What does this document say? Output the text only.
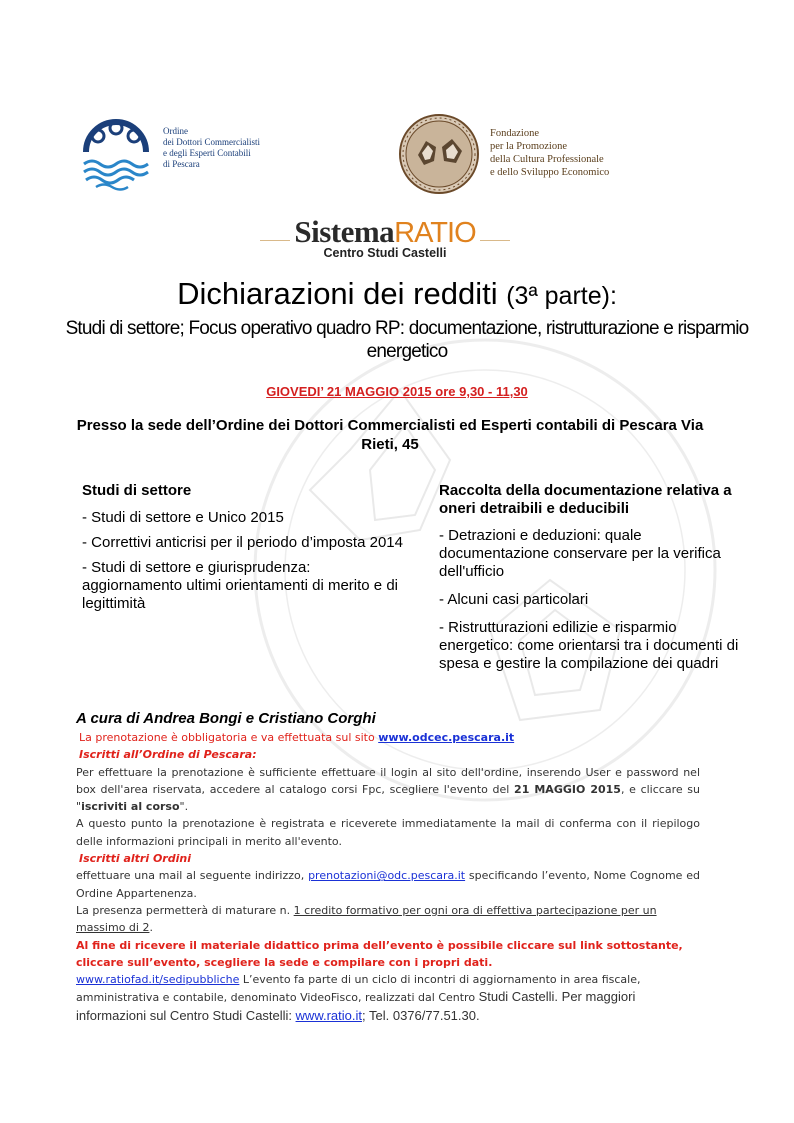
Ordine
dei Dottori Commercialisti
e degli Esperti Contabili
di Pescara
Fondazione
per la Promozione
della Cultura Professionale
e dello Sviluppo Economico
SistemaRATIO
Centro Studi Castelli
Dichiarazioni dei redditi (3ª parte):
Studi di settore; Focus operativo quadro RP: documentazione, ristrutturazione e risparmio energetico
GIOVEDI’ 21 MAGGIO 2015 ore 9,30 - 11,30
Presso la sede dell’Ordine dei Dottori Commercialisti ed Esperti contabili di Pescara Via Rieti, 45
Studi di settore
- Studi di settore e Unico 2015
- Correttivi anticrisi per il periodo d’imposta 2014
- Studi di settore e giurisprudenza: aggiornamento ultimi orientamenti di merito e di legittimità
Raccolta della documentazione relativa a oneri detraibili e deducibili
- Detrazioni e deduzioni: quale documentazione conservare per la verifica dell'ufficio
- Alcuni casi particolari
- Ristrutturazioni edilizie e risparmio energetico: come orientarsi tra i documenti di spesa e gestire la compilazione dei quadri
A cura di Andrea Bongi e Cristiano Corghi

La prenotazione è obbligatoria e va effettuata sul sito www.odcec.pescara.it

Iscritti all’Ordine di Pescara:

Per effettuare la prenotazione è sufficiente effettuare il login al sito dell'ordine, inserendo User e password nel box dell'area riservata, accedere al catalogo corsi Fpc, scegliere l'evento del 21 MAGGIO 2015, e cliccare su "iscriviti al corso".

A questo punto la prenotazione è registrata e riceverete immediatamente la mail di conferma con il riepilogo delle informazioni principali in merito all'evento.

Iscritti altri Ordini

effettuare una mail al seguente indirizzo, prenotazioni@odc.pescara.it specificando l’evento, Nome Cognome ed Ordine Appartenenza.

La presenza permetterà di maturare n. 1 credito formativo per ogni ora di effettiva partecipazione per un massimo di 2.

Al fine di ricevere il materiale didattico prima dell’evento è possibile cliccare sul link sottostante, cliccare sull’evento, scegliere la sede e compilare con i propri dati.

www.ratiofad.it/sedipubbliche L’evento fa parte di un ciclo di incontri di aggiornamento in area fiscale, amministrativa e contabile, denominato VideoFisco, realizzati dal Centro Studi Castelli. Per maggiori informazioni sul Centro Studi Castelli: www.ratio.it; Tel. 0376/77.51.30.
